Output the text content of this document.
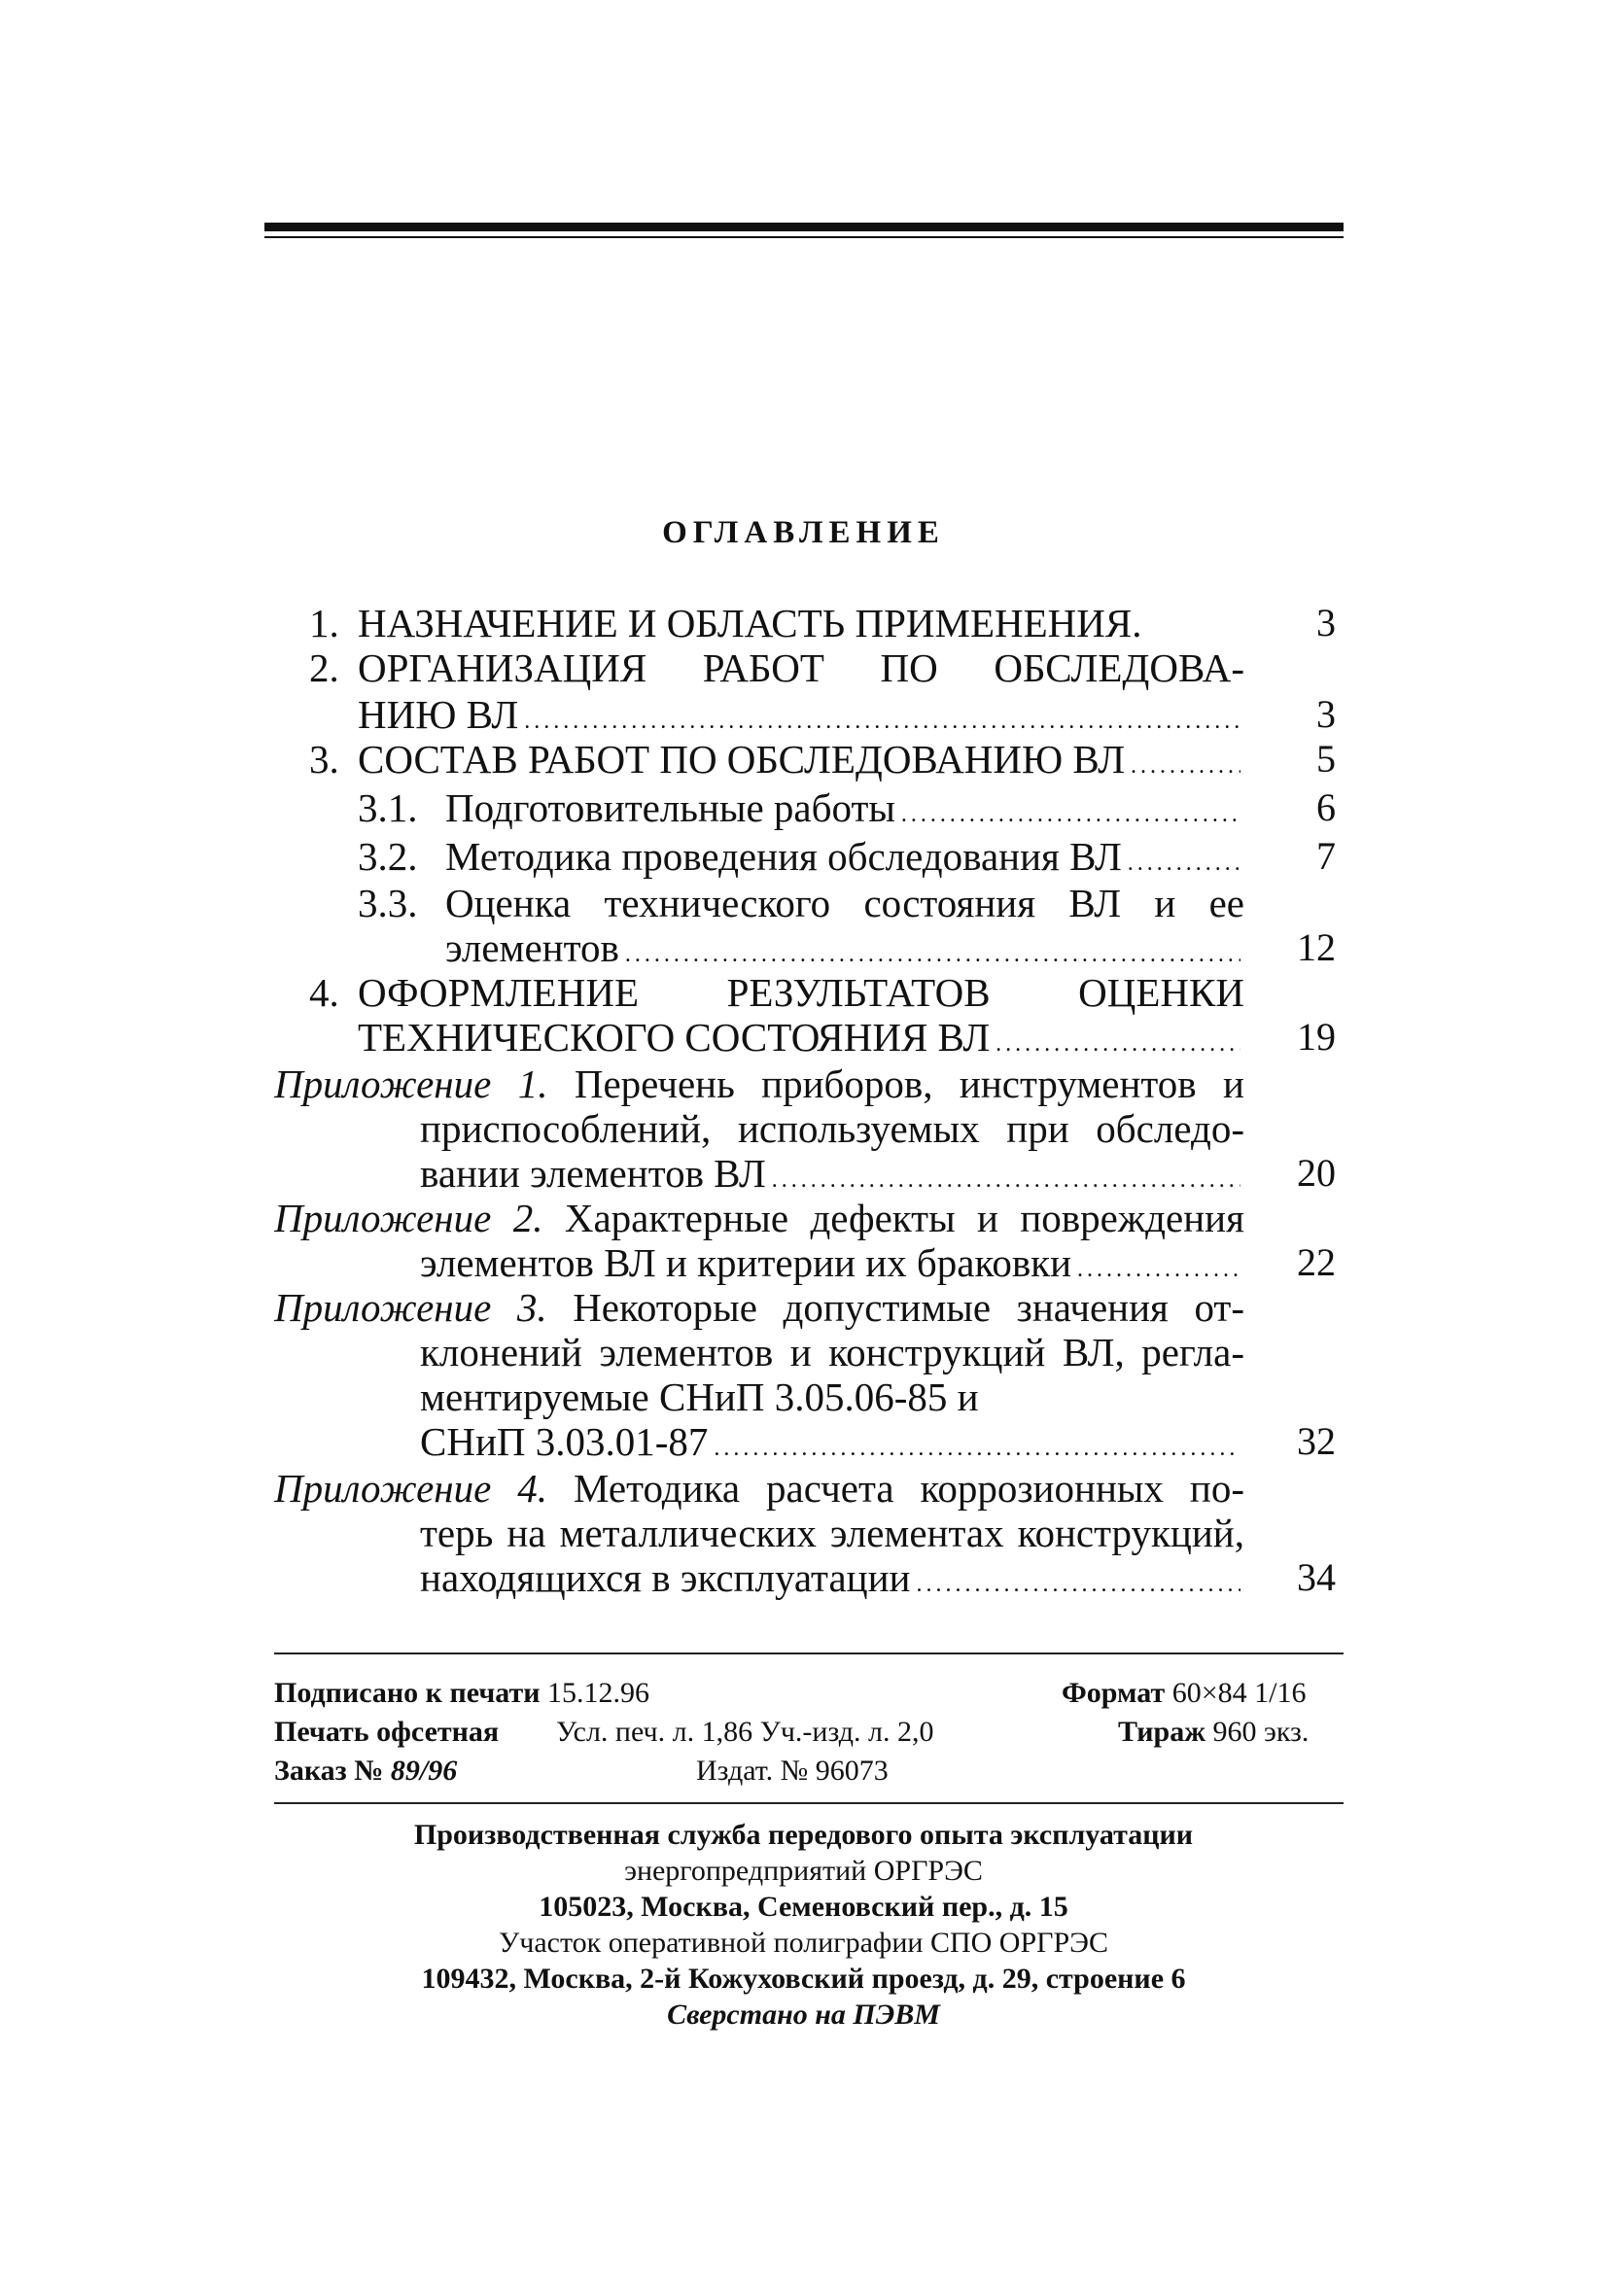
ОГЛАВЛЕНИЕ
1. НАЗНАЧЕНИЕ И ОБЛАСТЬ ПРИМЕНЕНИЯ.	3
2. ОРГАНИЗАЦИЯ РАБОТ ПО ОБСЛЕДОВА-
НИЮ ВЛ .....	3
3. СОСТАВ РАБОТ ПО ОБСЛЕДОВАНИЮ ВЛ .....	5
3.1. Подготовительные работы .....	6
3.2. Методика проведения обследования ВЛ .....	7
3.3. Оценка технического состояния ВЛ и ее
элементов .....	12
4. ОФОРМЛЕНИЕ РЕЗУЛЬТАТОВ ОЦЕНКИ
ТЕХНИЧЕСКОГО СОСТОЯНИЯ ВЛ .....	19
Приложение 1. Перечень приборов, инструментов и
приспособлений, используемых при обследо-
вании элементов ВЛ .....	20
Приложение 2. Характерные дефекты и повреждения
элементов ВЛ и критерии их браковки .....	22
Приложение 3. Некоторые допустимые значения от-
клонений элементов и конструкций ВЛ, регла-
ментируемые СНиП 3.05.06-85 и
СНиП 3.03.01-87 .....	32
Приложение 4. Методика расчета коррозионных по-
терь на металлических элементах конструкций,
находящихся в эксплуатации .....	34
Подписано к печати 15.12.96	Формат 60×84 1/16
Печать офсетная Усл. печ. л. 1,86 Уч.-изд. л. 2,0	Тираж 960 экз.
Заказ № 89/96	Издат. № 96073
Производственная служба передового опыта эксплуатации
энергопредприятий ОРГРЭС
105023, Москва, Семеновский пер., д. 15
Участок оперативной полиграфии СПО ОРГРЭС
109432, Москва, 2-й Кожуховский проезд, д. 29, строение 6
Сверстано на ПЭВМ
